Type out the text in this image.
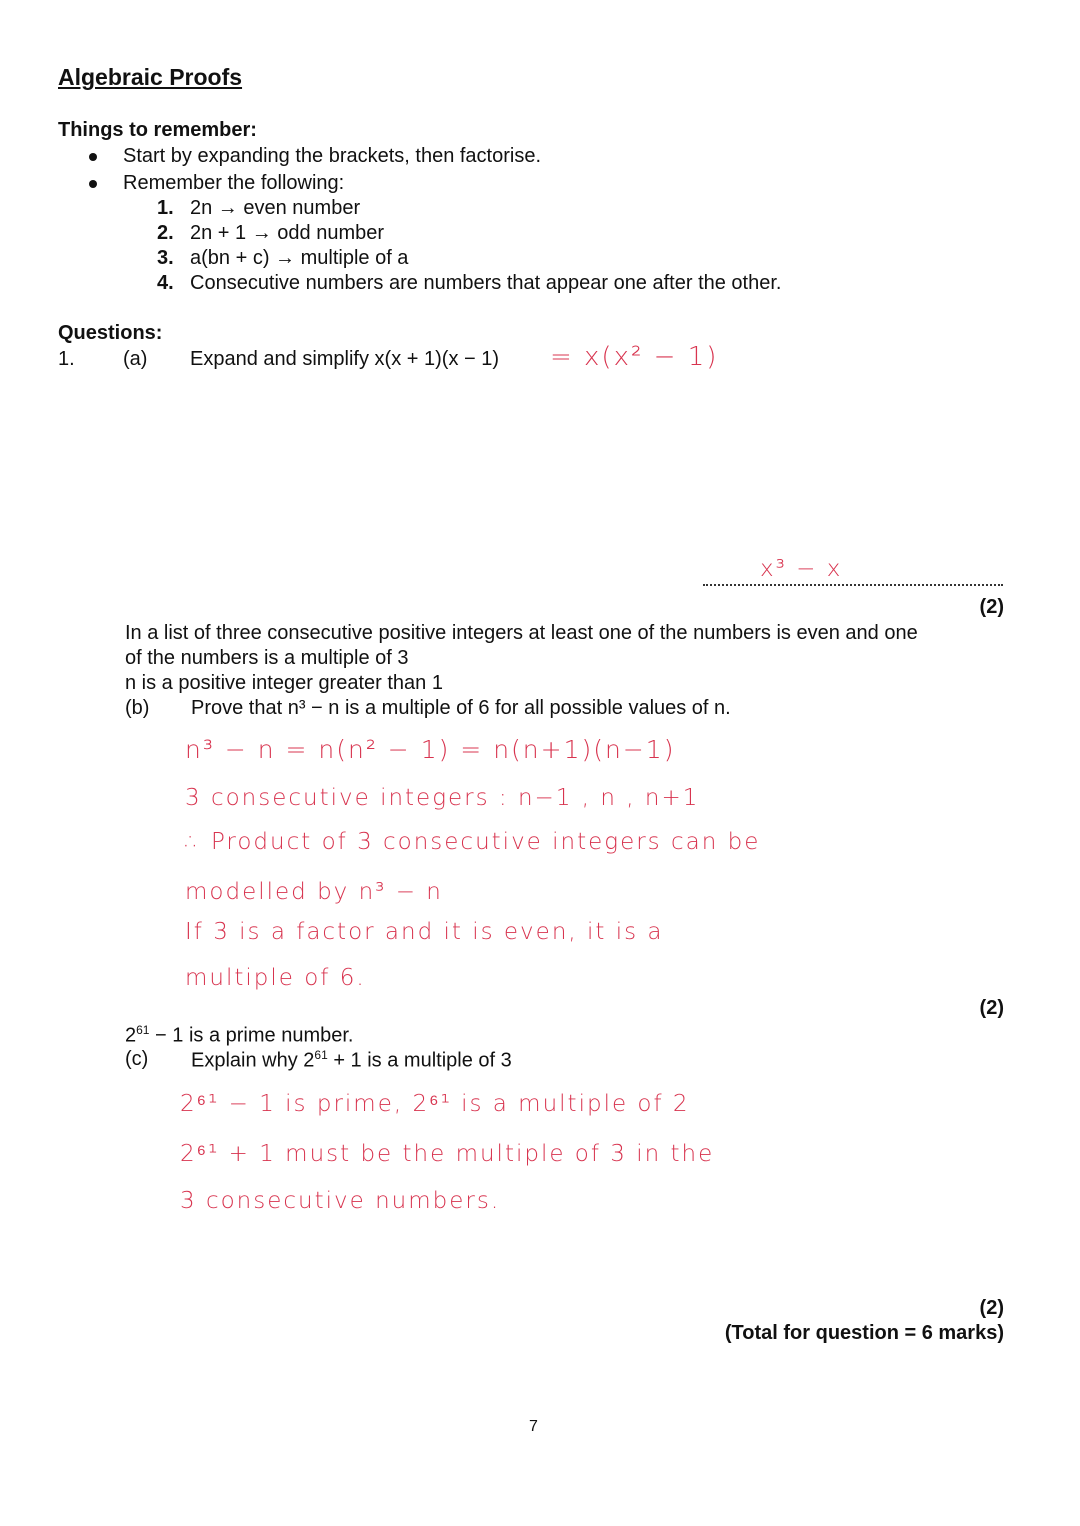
Algebraic Proofs
Things to remember:
Start by expanding the brackets, then factorise.
Remember the following:
1. 2n → even number
2. 2n + 1 → odd number
3. a(bn + c) → multiple of a
4. Consecutive numbers are numbers that appear one after the other.
Questions:
1. (a) Expand and simplify x(x + 1)(x − 1) = x(x² − 1)
x³ − x
(2)
In a list of three consecutive positive integers at least one of the numbers is even and one
of the numbers is a multiple of 3
n is a positive integer greater than 1
(b) Prove that n³ − n is a multiple of 6 for all possible values of n.
n³ − n = n(n² − 1) = n(n+1)(n−1)
3 consecutive integers : n−1 , n , n+1
∴ Product of 3 consecutive integers can be
modelled by n³ − n
If 3 is a factor and it is even, it is a
multiple of 6.
(2)
$2^{61} - 1$ is a prime number.
(c) Explain why $2^{61} + 1$ is a multiple of 3
2⁶¹ − 1 is prime, 2⁶¹ is a multiple of 2
2⁶¹ + 1 must be the multiple of 3 in the
3 consecutive numbers.
(2)
(Total for question = 6 marks)
7
